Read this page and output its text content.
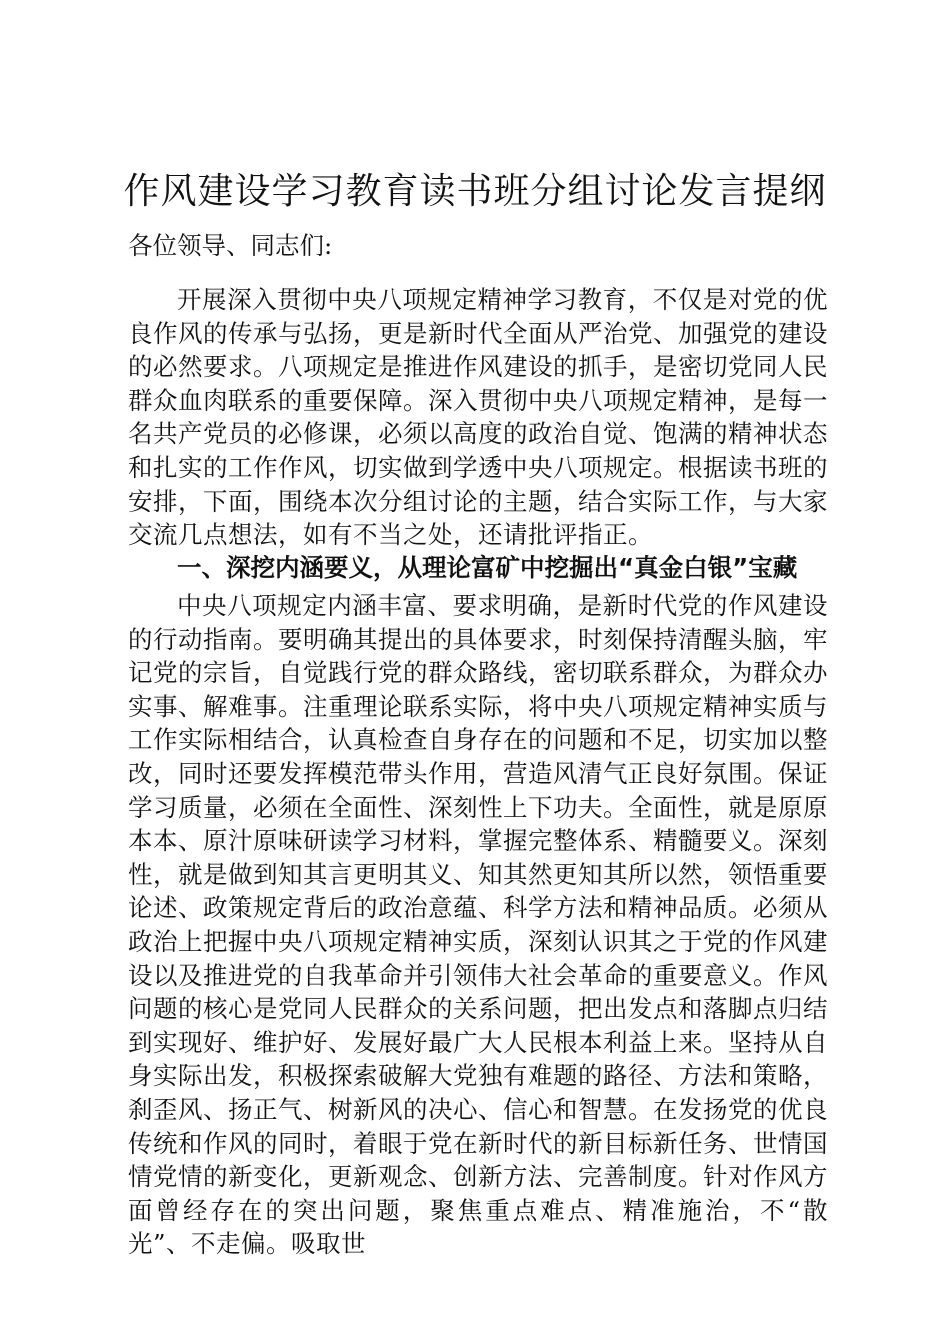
作风建设学习教育读书班分组讨论发言提纲

各位领导、同志们:

开展深入贯彻中央八项规定精神学习教育，不仅是对党的优良作风的传承与弘扬，更是新时代全面从严治党、加强党的建设的必然要求。八项规定是推进作风建设的抓手，是密切党同人民群众血肉联系的重要保障。深入贯彻中央八项规定精神，是每一名共产党员的必修课，必须以高度的政治自觉、饱满的精神状态和扎实的工作作风，切实做到学透中央八项规定。根据读书班的安排，下面，围绕本次分组讨论的主题，结合实际工作，与大家交流几点想法，如有不当之处，还请批评指正。

一、深挖内涵要义，从理论富矿中挖掘出“真金白银”宝藏

中央八项规定内涵丰富、要求明确，是新时代党的作风建设的行动指南。要明确其提出的具体要求，时刻保持清醒头脑，牢记党的宗旨，自觉践行党的群众路线，密切联系群众，为群众办实事、解难事。注重理论联系实际，将中央八项规定精神实质与工作实际相结合，认真检查自身存在的问题和不足，切实加以整改，同时还要发挥模范带头作用，营造风清气正良好氛围。保证学习质量，必须在全面性、深刻性上下功夫。全面性，就是原原本本、原汁原味研读学习材料，掌握完整体系、精髓要义。深刻性，就是做到知其言更明其义、知其然更知其所以然，领悟重要论述、政策规定背后的政治意蕴、科学方法和精神品质。必须从政治上把握中央八项规定精神实质，深刻认识其之于党的作风建设以及推进党的自我革命并引领伟大社会革命的重要意义。作风问题的核心是党同人民群众的关系问题，把出发点和落脚点归结到实现好、维护好、发展好最广大人民根本利益上来。坚持从自身实际出发，积极探索破解大党独有难题的路径、方法和策略，刹歪风、扬正气、树新风的决心、信心和智慧。在发扬党的优良传统和作风的同时，着眼于党在新时代的新目标新任务、世情国情党情的新变化，更新观念、创新方法、完善制度。针对作风方面曾经存在的突出问题，聚焦重点难点、精准施治，不“散光”、不走偏。吸取世
